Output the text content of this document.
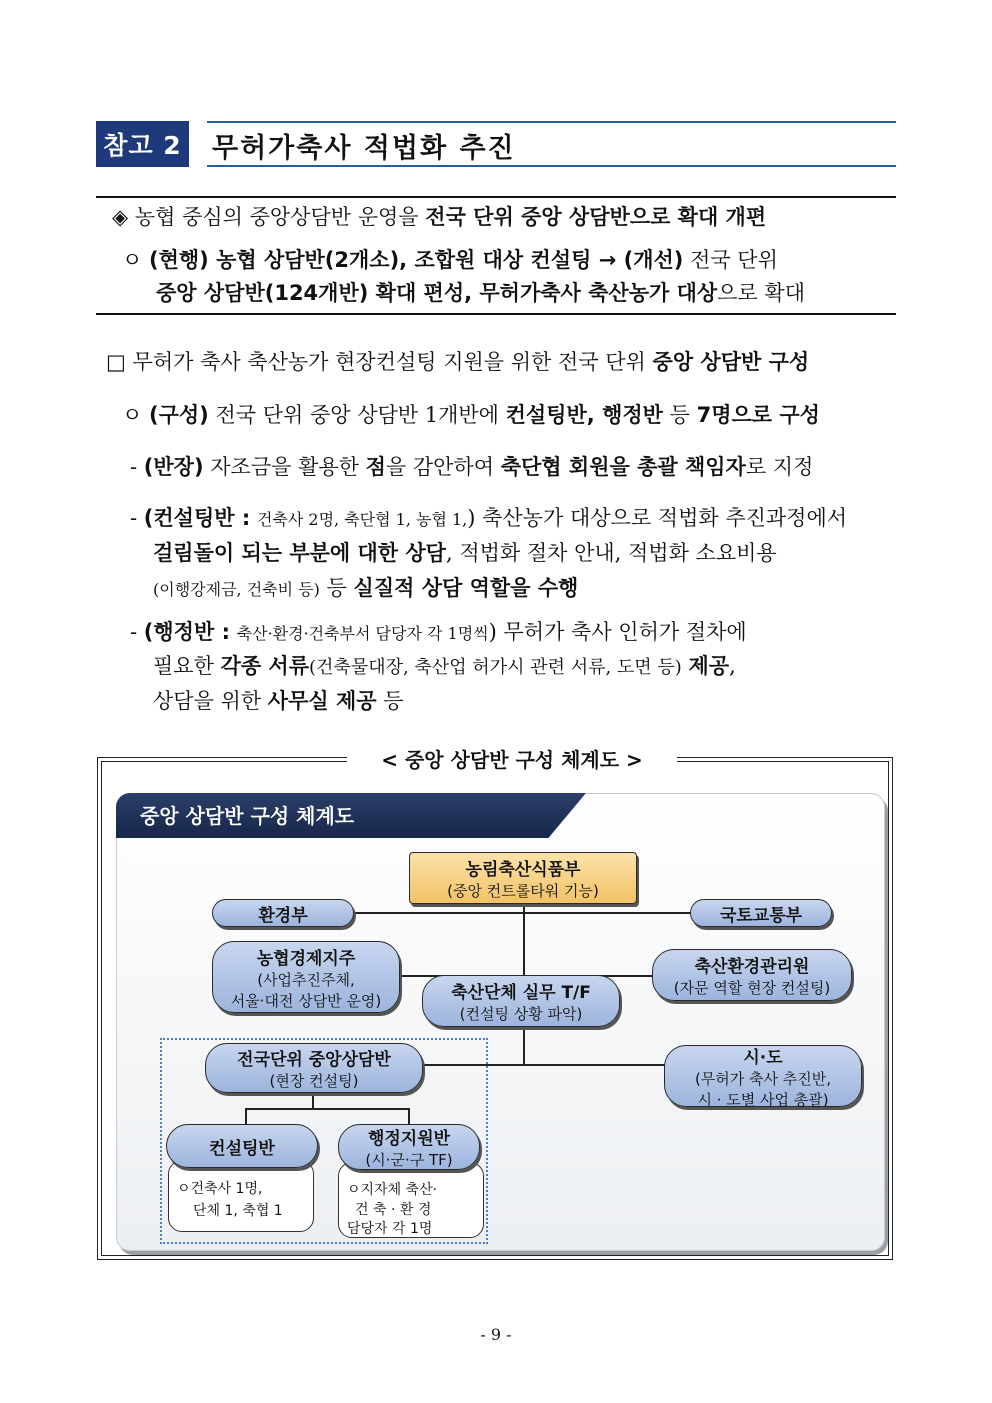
참고 2 무허가축사 적법화 추진
◈ 농협 중심의 중앙상담반 운영을 전국 단위 중앙 상담반으로 확대 개편
ㅇ (현행) 농협 상담반(2개소), 조합원 대상 컨설팅 → (개선) 전국 단위
중앙 상담반(124개반) 확대 편성, 무허가축사 축산농가 대상으로 확대
□ 무허가 축사 축산농가 현장컨설팅 지원을 위한 전국 단위 중앙 상담반 구성
ㅇ (구성) 전국 단위 중앙 상담반 1개반에 컨설팅반, 행정반 등 7명으로 구성
- (반장) 자조금을 활용한 점을 감안하여 축단협 회원을 총괄 책임자로 지정
- (컨설팅반 : 건축사 2명, 축단협 1, 농협 1,) 축산농가 대상으로 적법화 추진과정에서
걸림돌이 되는 부분에 대한 상담, 적법화 절차 안내, 적법화 소요비용
(이행강제금, 건축비 등) 등 실질적 상담 역할을 수행
- (행정반 : 축산·환경·건축부서 담당자 각 1명씩) 무허가 축사 인허가 절차에
필요한 각종 서류(건축물대장, 축산업 허가시 관련 서류, 도면 등) 제공,
상담을 위한 사무실 제공 등
< 중앙 상담반 구성 체계도 >
중앙 상담반 구성 체계도
농림축산식품부
(중앙 컨트롤타워 기능)
환경부	국토교통부
농협경제지주
(사업추진주체,
서울·대전 상담반 운영)
축산환경관리원
(자문 역할 현장 컨설팅)
축산단체 실무 T/F
(컨설팅 상황 파악)
전국단위 중앙상담반
(현장 컨설팅)
시·도
(무허가 축사 추진반,
시 · 도별 사업 총괄)
ㅇ건축사 1명,
단체 1, 축협 1
컨설팅반
ㅇ지자체 축산·
건 축 · 환 경
담당자 각 1명
행정지원반
(시·군·구 TF)
- 9 -
